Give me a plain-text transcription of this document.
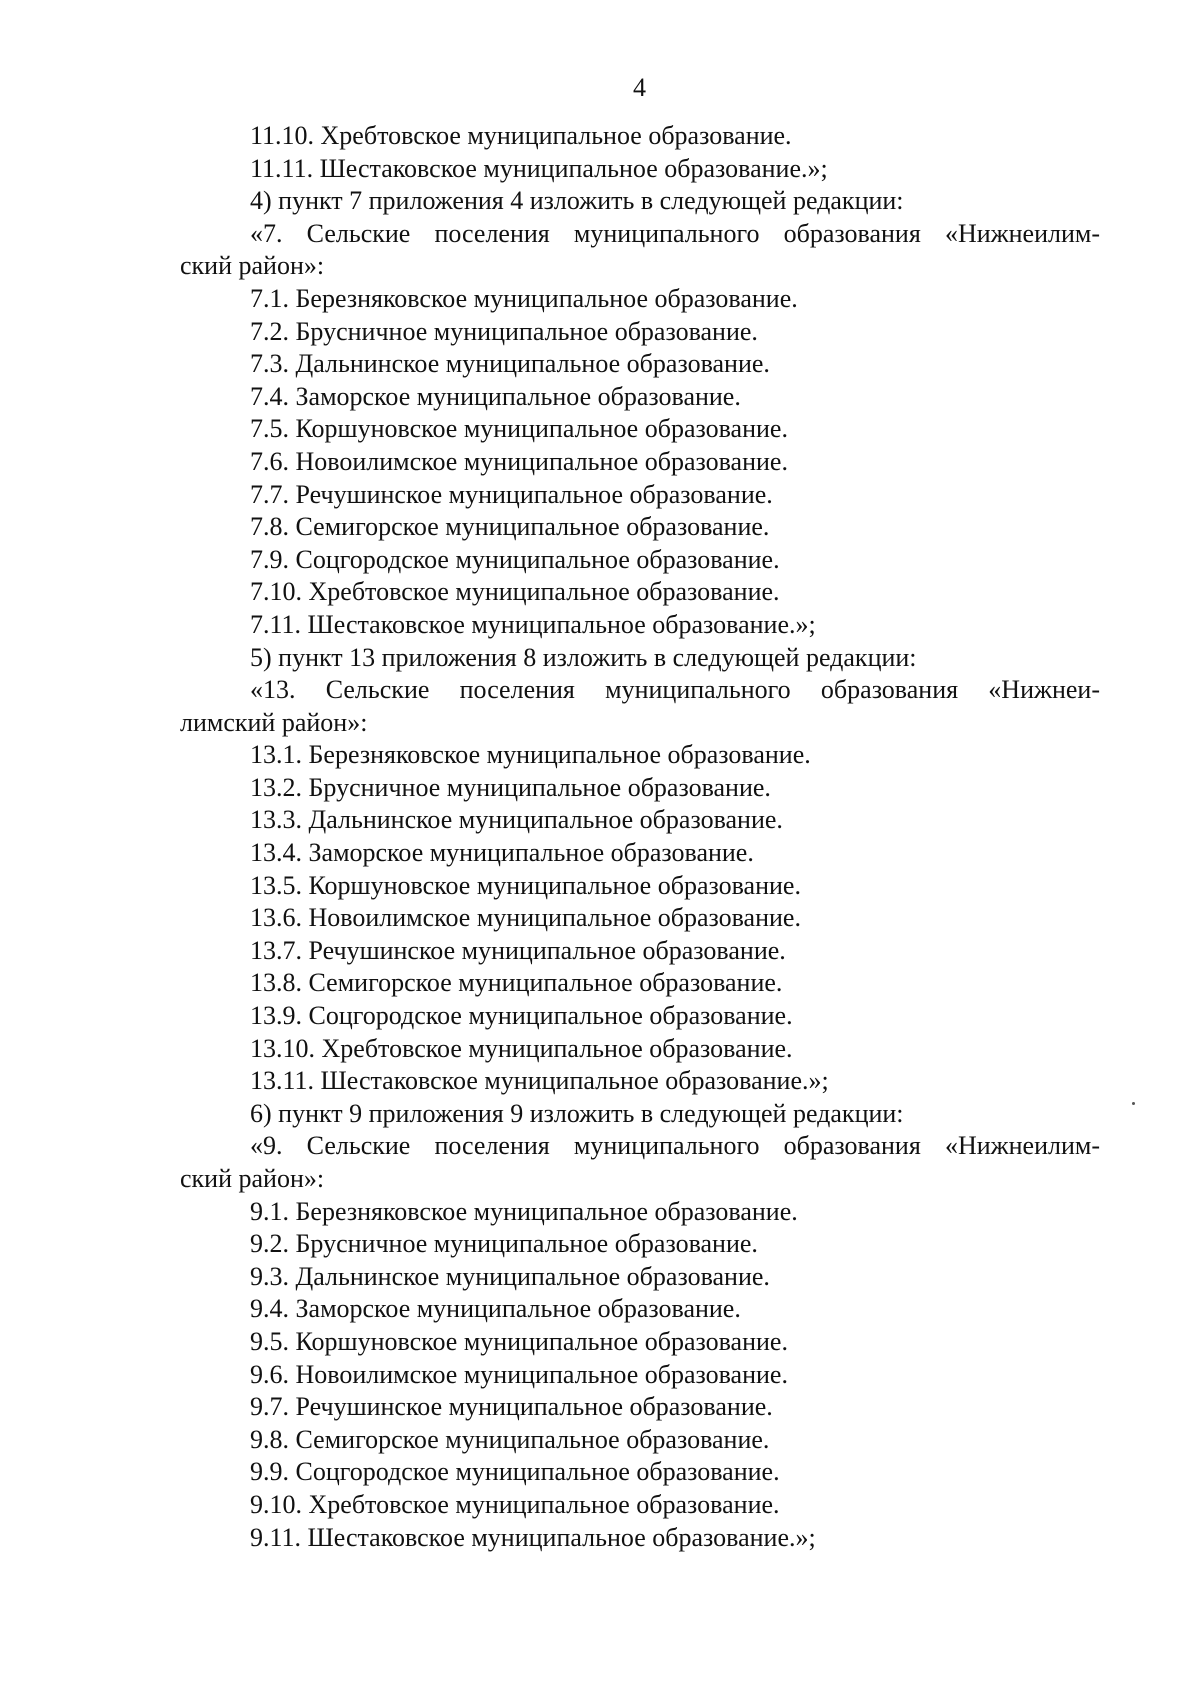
4
11.10. Хребтовское муниципальное образование.
11.11. Шестаковское муниципальное образование.»;
4) пункт 7 приложения 4 изложить в следующей редакции:
«7. Сельские поселения муниципального образования «Нижнеилим-
ский район»:
7.1. Березняковское муниципальное образование.
7.2. Брусничное муниципальное образование.
7.3. Дальнинское муниципальное образование.
7.4. Заморское муниципальное образование.
7.5. Коршуновское муниципальное образование.
7.6. Новоилимское муниципальное образование.
7.7. Речушинское муниципальное образование.
7.8. Семигорское муниципальное образование.
7.9. Соцгородское муниципальное образование.
7.10. Хребтовское муниципальное образование.
7.11. Шестаковское муниципальное образование.»;
5) пункт 13 приложения 8 изложить в следующей редакции:
«13. Сельские поселения муниципального образования «Нижнеи-
лимский район»:
13.1. Березняковское муниципальное образование.
13.2. Брусничное муниципальное образование.
13.3. Дальнинское муниципальное образование.
13.4. Заморское муниципальное образование.
13.5. Коршуновское муниципальное образование.
13.6. Новоилимское муниципальное образование.
13.7. Речушинское муниципальное образование.
13.8. Семигорское муниципальное образование.
13.9. Соцгородское муниципальное образование.
13.10. Хребтовское муниципальное образование.
13.11. Шестаковское муниципальное образование.»;
6) пункт 9 приложения 9 изложить в следующей редакции:
«9. Сельские поселения муниципального образования «Нижнеилим-
ский район»:
9.1. Березняковское муниципальное образование.
9.2. Брусничное муниципальное образование.
9.3. Дальнинское муниципальное образование.
9.4. Заморское муниципальное образование.
9.5. Коршуновское муниципальное образование.
9.6. Новоилимское муниципальное образование.
9.7. Речушинское муниципальное образование.
9.8. Семигорское муниципальное образование.
9.9. Соцгородское муниципальное образование.
9.10. Хребтовское муниципальное образование.
9.11. Шестаковское муниципальное образование.»;
